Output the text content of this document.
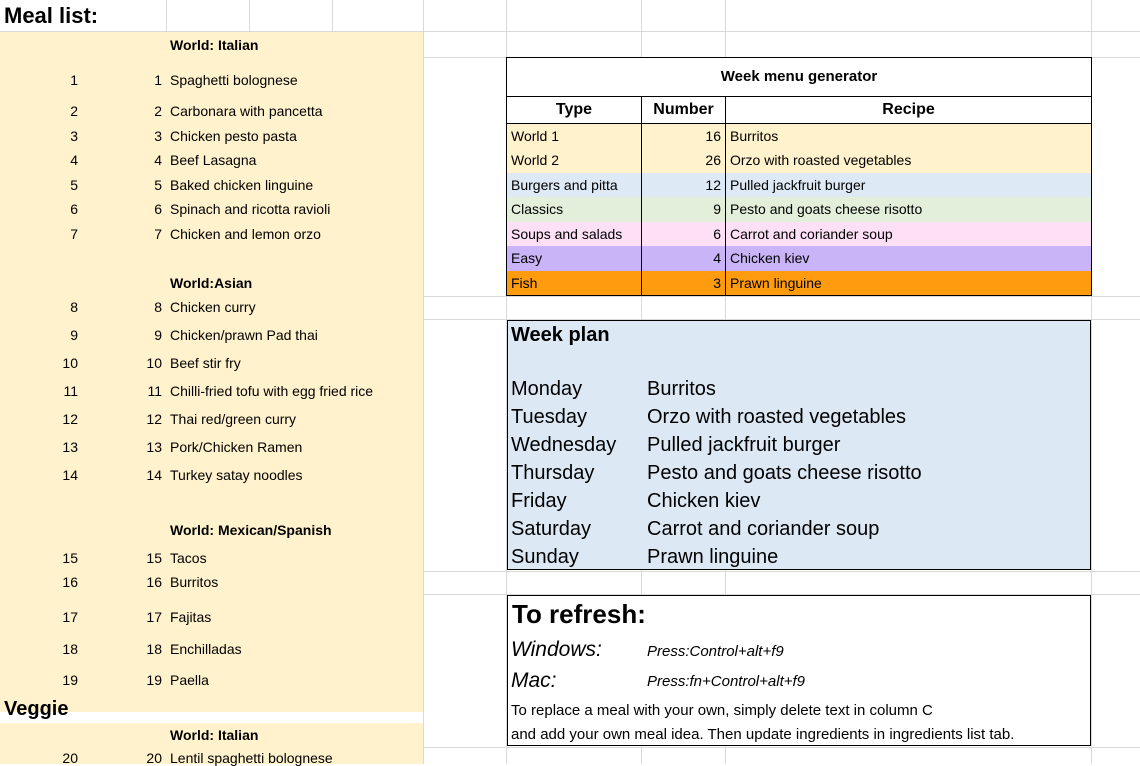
Meal list:
World: Italian
1	1 Spaghetti bolognese
2	2 Carbonara with pancetta
3	3 Chicken pesto pasta
4	4 Beef Lasagna
5	5 Baked chicken linguine
6	6 Spinach and ricotta ravioli
7	7 Chicken and lemon orzo
World:Asian
8	8 Chicken curry
9	9 Chicken/prawn Pad thai
10	10 Beef stir fry
11	11 Chilli-fried tofu with egg fried rice
12	12 Thai red/green curry
13	13 Pork/Chicken Ramen
14	14 Turkey satay noodles
World: Mexican/Spanish
15	15 Tacos
16	16 Burritos
17	17 Fajitas
18	18 Enchilladas
19	19 Paella
World: Italian
20	20 Lentil spaghetti bolognese
Veggie
Week menu generator
Type	Number	Recipe
World 1	16 Burritos
World 2	26 Orzo with roasted vegetables
Burgers and pitta	12 Pulled jackfruit burger
Classics	9 Pesto and goats cheese risotto
Soups and salads	6 Carrot and coriander soup
Easy	4 Chicken kiev
Fish	3 Prawn linguine
Week plan
Monday	Burritos
Tuesday	Orzo with roasted vegetables
Wednesday Pulled jackfruit burger
Thursday	Pesto and goats cheese risotto
Friday	Chicken kiev
Saturday	Carrot and coriander soup
Sunday	Prawn linguine
To refresh:
Windows:	Press:Control+alt+f9
Mac:	Press:fn+Control+alt+f9
To replace a meal with your own, simply delete text in column C
and add your own meal idea. Then update ingredients in ingredients list tab.
